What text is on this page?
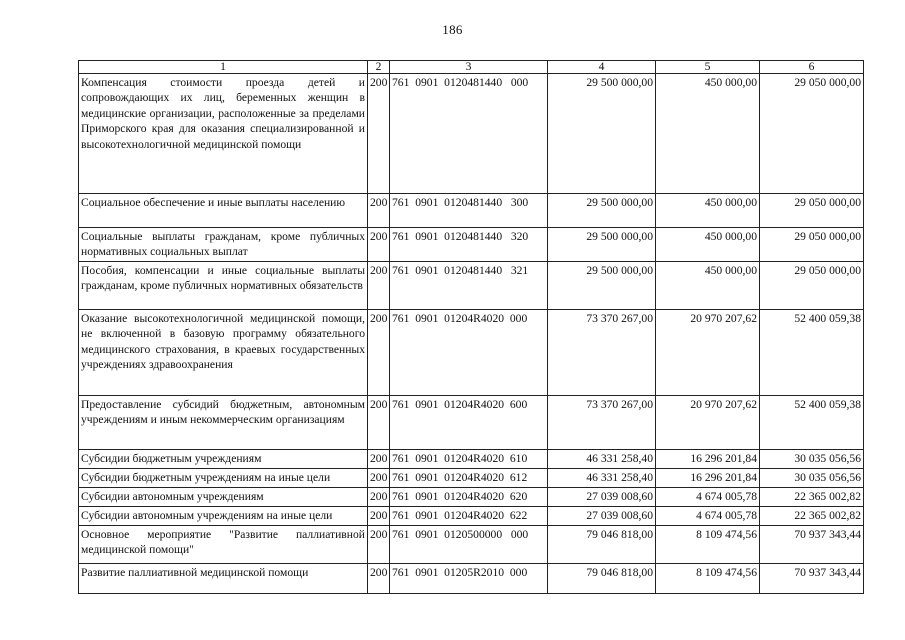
186
1	2	3	4	5	6
Компенсация стоимости проезда детей и сопровождающих их лиц, беременных женщин в медицинские организации, расположенные за пределами Приморского края для оказания специализированной и высокотехнологичной медицинской помощи	200	761  0901  0120481440   000	29 500 000,00	450 000,00	29 050 000,00
Социальное обеспечение и иные выплаты населению	200	761  0901  0120481440   300	29 500 000,00	450 000,00	29 050 000,00
Социальные выплаты гражданам, кроме публичных нормативных социальных выплат	200	761  0901  0120481440   320	29 500 000,00	450 000,00	29 050 000,00
Пособия, компенсации и иные социальные выплаты гражданам, кроме публичных нормативных обязательств	200	761  0901  0120481440   321	29 500 000,00	450 000,00	29 050 000,00
Оказание высокотехнологичной медицинской помощи, не включенной в базовую программу обязательного медицинского страхования, в краевых государственных учреждениях здравоохранения	200	761  0901  01204R4020  000	73 370 267,00	20 970 207,62	52 400 059,38
Предоставление субсидий бюджетным, автономным учреждениям и иным некоммерческим организациям	200	761  0901  01204R4020  600	73 370 267,00	20 970 207,62	52 400 059,38
Субсидии бюджетным учреждениям	200	761  0901  01204R4020  610	46 331 258,40	16 296 201,84	30 035 056,56
Субсидии бюджетным учреждениям на иные цели	200	761  0901  01204R4020  612	46 331 258,40	16 296 201,84	30 035 056,56
Субсидии автономным учреждениям	200	761  0901  01204R4020  620	27 039 008,60	4 674 005,78	22 365 002,82
Субсидии автономным учреждениям на иные цели	200	761  0901  01204R4020  622	27 039 008,60	4 674 005,78	22 365 002,82
Основное мероприятие "Развитие паллиативной медицинской помощи"	200	761  0901  0120500000   000	79 046 818,00	8 109 474,56	70 937 343,44
Развитие паллиативной медицинской помощи	200	761  0901  01205R2010  000	79 046 818,00	8 109 474,56	70 937 343,44
